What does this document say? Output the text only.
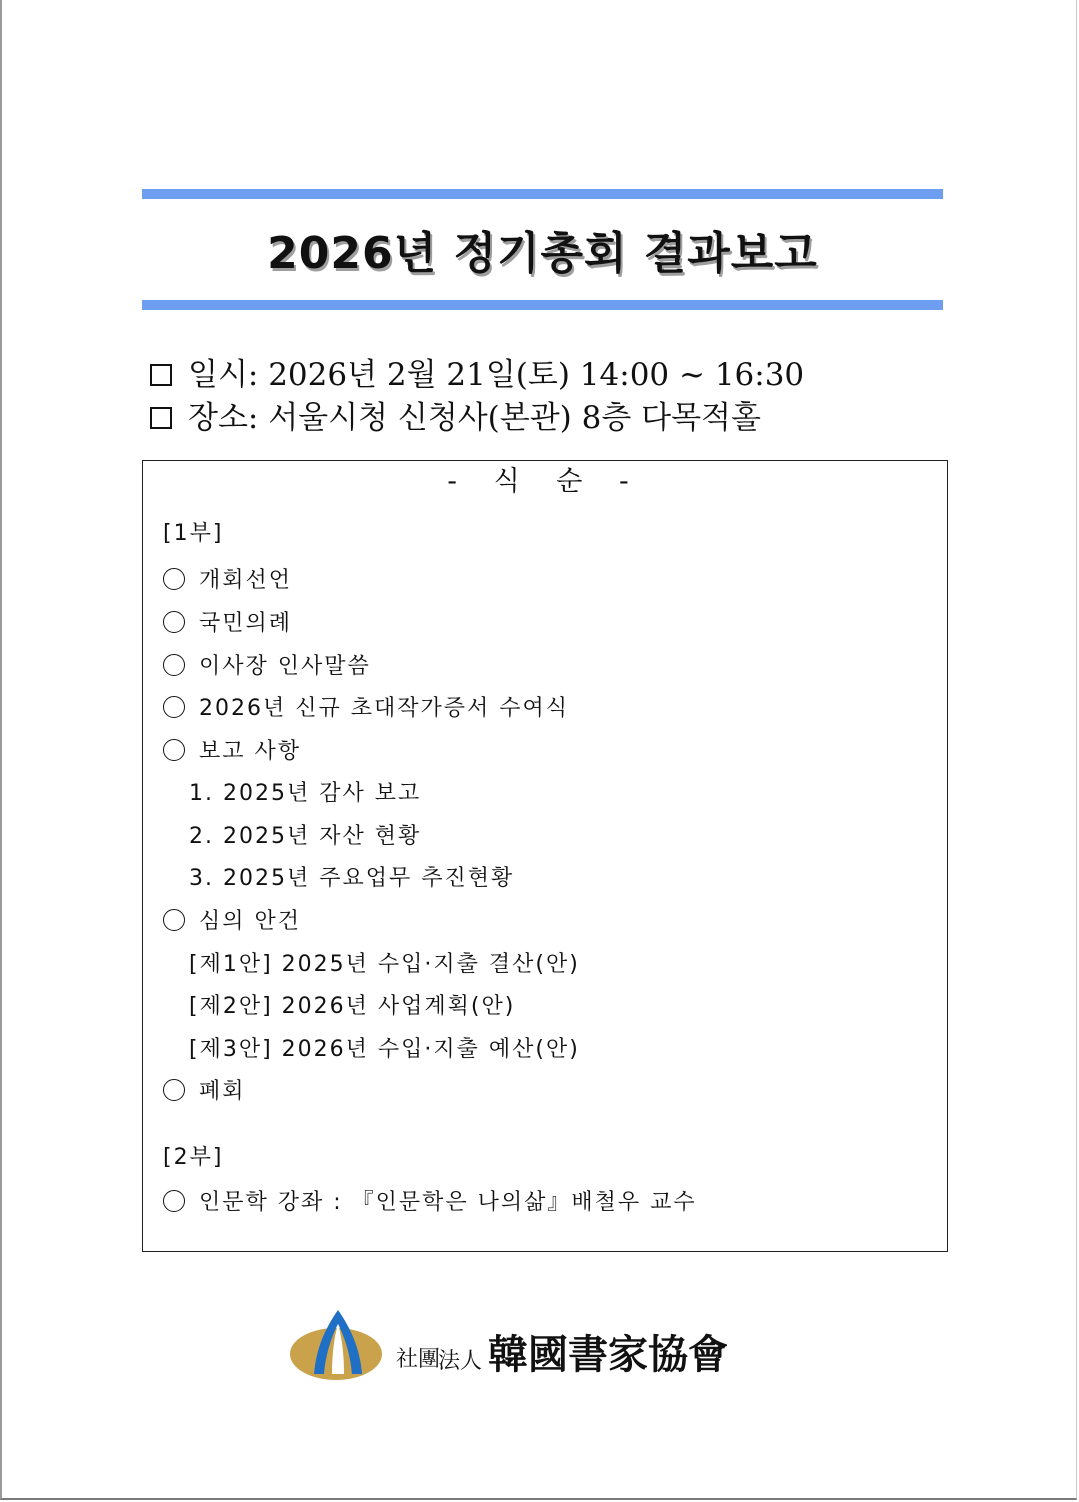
2026년 정기총회 결과보고
일시: 2026년 2월 21일(토) 14:00 ~ 16:30
장소: 서울시청 신청사(본관) 8층 다목적홀
- 식 순 -
[1부]
개회선언
국민의례
이사장 인사말씀
2026년 신규 초대작가증서 수여식
보고 사항
1. 2025년 감사 보고
2. 2025년 자산 현황
3. 2025년 주요업무 추진현황
심의 안건
[제1안] 2025년 수입·지출 결산(안)
[제2안] 2026년 사업계획(안)
[제3안] 2026년 수입·지출 예산(안)
폐회
[2부]
인문학 강좌 : 『인문학은 나의삶』배철우 교수
社團 韓國書家協會
法人
